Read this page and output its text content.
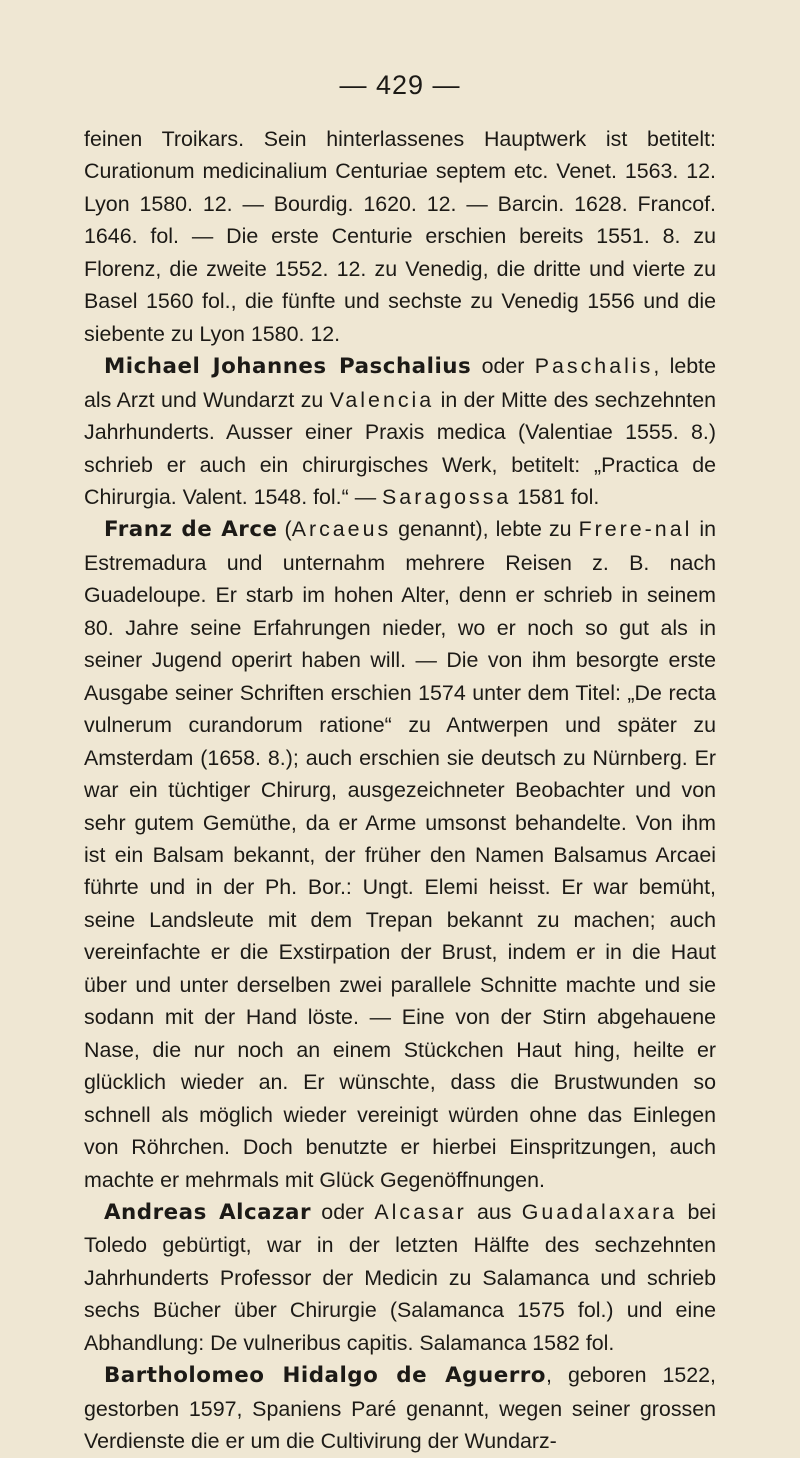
— 429 —

feinen Troikars. Sein hinterlassenes Hauptwerk ist betitelt: Curationum medicinalium Centuriae septem etc. Venet. 1563. 12. Lyon 1580. 12. — Bourdig. 1620. 12. — Barcin. 1628. Francof. 1646. fol. — Die erste Centurie erschien bereits 1551. 8. zu Florenz, die zweite 1552. 12. zu Venedig, die dritte und vierte zu Basel 1560 fol., die fünfte und sechste zu Venedig 1556 und die siebente zu Lyon 1580. 12.

Michael Johannes Paschalius oder Paschalis, lebte als Arzt und Wundarzt zu Valencia in der Mitte des sechzehnten Jahrhunderts. Ausser einer Praxis medica (Valentiae 1555. 8.) schrieb er auch ein chirurgisches Werk, betitelt: „Practica de Chirurgia. Valent. 1548. fol.“ — Saragossa 1581 fol.

Franz de Arce (Arcaeus genannt), lebte zu Frere-nal in Estremadura und unternahm mehrere Reisen z. B. nach Guadeloupe. Er starb im hohen Alter, denn er schrieb in seinem 80. Jahre seine Erfahrungen nieder, wo er noch so gut als in seiner Jugend operirt haben will. — Die von ihm besorgte erste Ausgabe seiner Schriften erschien 1574 unter dem Titel: „De recta vulnerum curandorum ratione“ zu Antwerpen und später zu Amsterdam (1658. 8.); auch erschien sie deutsch zu Nürnberg. Er war ein tüchtiger Chirurg, ausgezeichneter Beobachter und von sehr gutem Gemüthe, da er Arme umsonst behandelte. Von ihm ist ein Balsam bekannt, der früher den Namen Balsamus Arcaei führte und in der Ph. Bor.: Ungt. Elemi heisst. Er war bemüht, seine Landsleute mit dem Trepan bekannt zu machen; auch vereinfachte er die Exstirpation der Brust, indem er in die Haut über und unter derselben zwei parallele Schnitte machte und sie sodann mit der Hand löste. — Eine von der Stirn abgehauene Nase, die nur noch an einem Stückchen Haut hing, heilte er glücklich wieder an. Er wünschte, dass die Brustwunden so schnell als möglich wieder vereinigt würden ohne das Einlegen von Röhrchen. Doch benutzte er hierbei Einspritzungen, auch machte er mehrmals mit Glück Gegenöffnungen.

Andreas Alcazar oder Alcasar aus Guadalaxara bei Toledo gebürtigt, war in der letzten Hälfte des sechzehnten Jahrhunderts Professor der Medicin zu Salamanca und schrieb sechs Bücher über Chirurgie (Salamanca 1575 fol.) und eine Abhandlung: De vulneribus capitis. Salamanca 1582 fol.

Bartholomeo Hidalgo de Aguerro, geboren 1522, gestorben 1597, Spaniens Paré genannt, wegen seiner grossen Verdienste die er um die Cultivirung der Wundarz-
